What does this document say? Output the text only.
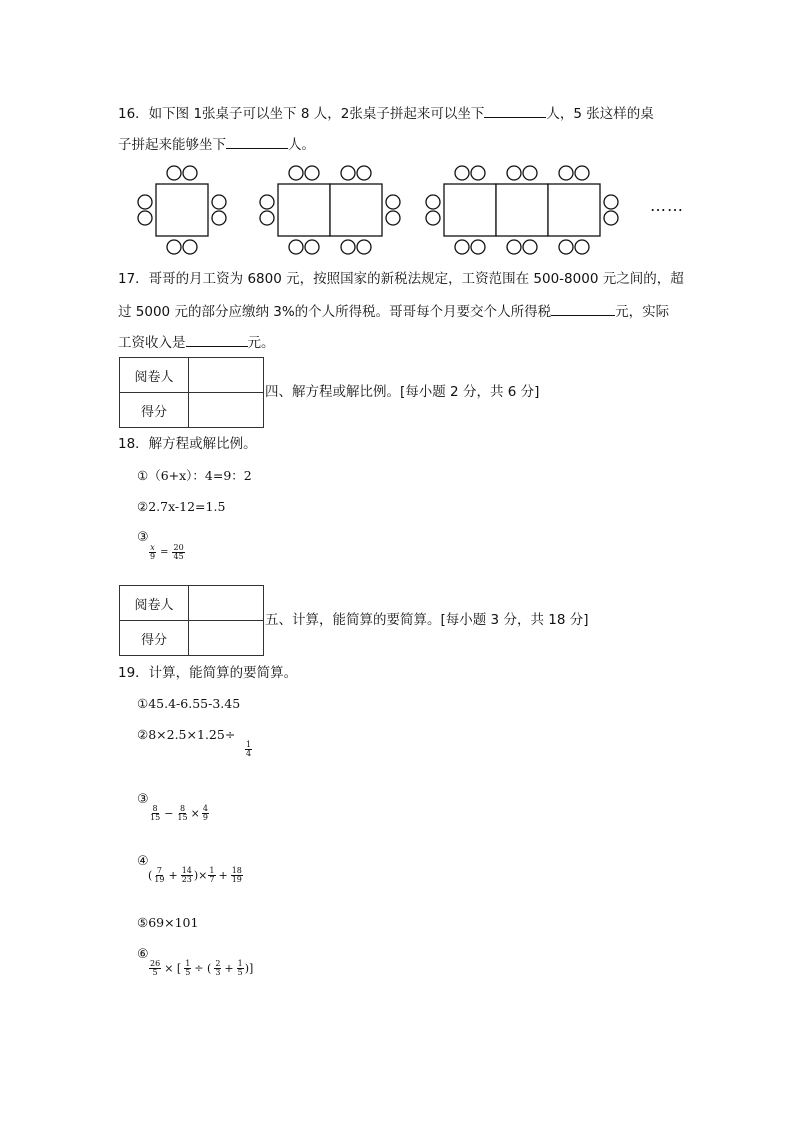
16．如下图 1张桌子可以坐下 8 人，2张桌子拼起来可以坐下	人，5 张这样的桌
子拼起来能够坐下	人。
……
17．哥哥的月工资为 6800 元，按照国家的新税法规定，工资范围在 500-8000 元之间的，超
过 5000 元的部分应缴纳 3%的个人所得税。哥哥每个月要交个人所得税	元，实际
工资收入是	元。
阅卷人	
得分	
四、解方程或解比例。[每小题 2 分，共 6 分]
18．解方程或解比例。
①（6+x）：4=9：2
②2.7x-12=1.5
③
$\frac{x}{9} = \frac{20}{45}$
阅卷人	
得分	
五、计算，能简算的要简算。[每小题 3 分，共 18 分]
19．计算，能简算的要简算。
①45.4-6.55-3.45
②8×2.5×1.25÷
$\frac{1}{4}$
③
$\frac{8}{15} - \frac{8}{15} \times \frac{4}{9}$
④
( $\frac{7}{19} + \frac{14}{23}$ )× $\frac{1}{7} + \frac{18}{19}$
⑤69×101
⑥
$\frac{26}{5}$ × [ $\frac{1}{5}$ ÷ ( $\frac{2}{3} + \frac{1}{5}$ )]
